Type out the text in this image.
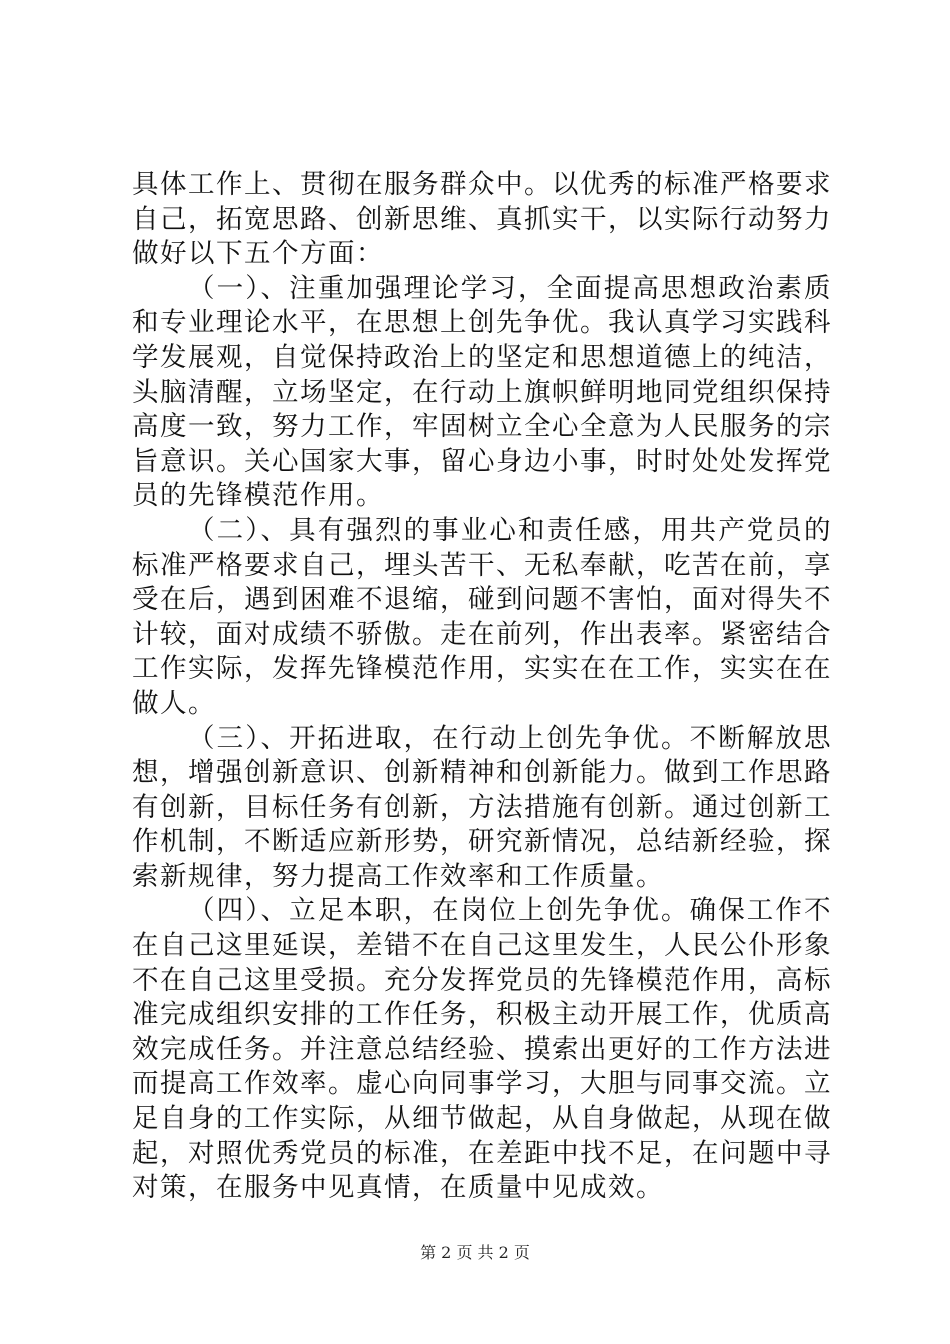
具体工作上、贯彻在服务群众中。以优秀的标准严格要求自己，拓宽思路、创新思维、真抓实干，以实际行动努力做好以下五个方面：

（一）、注重加强理论学习，全面提高思想政治素质和专业理论水平，在思想上创先争优。我认真学习实践科学发展观，自觉保持政治上的坚定和思想道德上的纯洁，头脑清醒，立场坚定，在行动上旗帜鲜明地同党组织保持高度一致，努力工作，牢固树立全心全意为人民服务的宗旨意识。关心国家大事，留心身边小事，时时处处发挥党员的先锋模范作用。

（二）、具有强烈的事业心和责任感，用共产党员的标准严格要求自己，埋头苦干、无私奉献，吃苦在前，享受在后，遇到困难不退缩，碰到问题不害怕，面对得失不计较，面对成绩不骄傲。走在前列，作出表率。紧密结合工作实际，发挥先锋模范作用，实实在在工作，实实在在做人。

（三）、开拓进取，在行动上创先争优。不断解放思想，增强创新意识、创新精神和创新能力。做到工作思路有创新，目标任务有创新，方法措施有创新。通过创新工作机制，不断适应新形势，研究新情况，总结新经验，探索新规律，努力提高工作效率和工作质量。

（四）、立足本职，在岗位上创先争优。确保工作不在自己这里延误，差错不在自己这里发生，人民公仆形象不在自己这里受损。充分发挥党员的先锋模范作用，高标准完成组织安排的工作任务，积极主动开展工作，优质高效完成任务。并注意总结经验、摸索出更好的工作方法进而提高工作效率。虚心向同事学习，大胆与同事交流。立足自身的工作实际，从细节做起，从自身做起，从现在做起，对照优秀党员的标准，在差距中找不足，在问题中寻对策，在服务中见真情，在质量中见成效。

第 2 页 共 2 页
